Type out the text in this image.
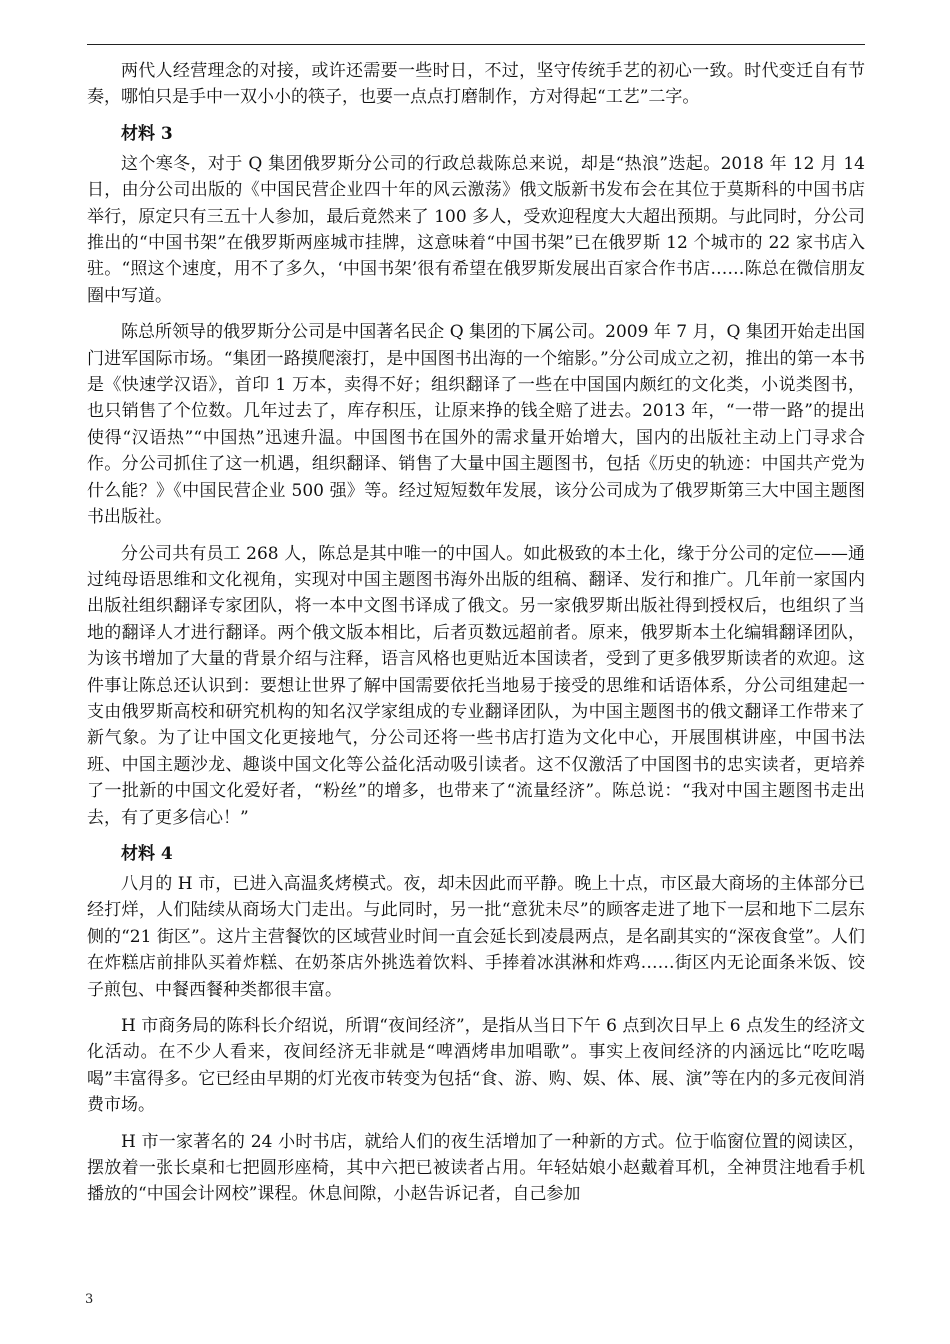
两代人经营理念的对接，或许还需要一些时日，不过，坚守传统手艺的初心一致。时代变迁自有节奏，哪怕只是手中一双小小的筷子，也要一点点打磨制作，方对得起“工艺”二字。

材料 3

这个寒冬，对于 Q 集团俄罗斯分公司的行政总裁陈总来说，却是“热浪”迭起。2018 年 12 月 14 日，由分公司出版的《中国民营企业四十年的风云激荡》俄文版新书发布会在其位于莫斯科的中国书店举行，原定只有三五十人参加，最后竟然来了 100 多人，受欢迎程度大大超出预期。与此同时，分公司推出的“中国书架”在俄罗斯两座城市挂牌，这意味着“中国书架”已在俄罗斯 12 个城市的 22 家书店入驻。“照这个速度，用不了多久，‘中国书架’很有希望在俄罗斯发展出百家合作书店……陈总在微信朋友圈中写道。

陈总所领导的俄罗斯分公司是中国著名民企 Q 集团的下属公司。2009 年 7 月，Q 集团开始走出国门进军国际市场。“集团一路摸爬滚打，是中国图书出海的一个缩影。”分公司成立之初，推出的第一本书是《快速学汉语》，首印 1 万本，卖得不好；组织翻译了一些在中国国内颇红的文化类，小说类图书，也只销售了个位数。几年过去了，库存积压，让原来挣的钱全赔了进去。2013 年，“一带一路”的提出使得“汉语热”“中国热”迅速升温。中国图书在国外的需求量开始增大，国内的出版社主动上门寻求合作。分公司抓住了这一机遇，组织翻译、销售了大量中国主题图书，包括《历史的轨迹：中国共产党为什么能？》《中国民营企业 500 强》等。经过短短数年发展，该分公司成为了俄罗斯第三大中国主题图书出版社。

分公司共有员工 268 人，陈总是其中唯一的中国人。如此极致的本土化，缘于分公司的定位——通过纯母语思维和文化视角，实现对中国主题图书海外出版的组稿、翻译、发行和推广。几年前一家国内出版社组织翻译专家团队，将一本中文图书译成了俄文。另一家俄罗斯出版社得到授权后，也组织了当地的翻译人才进行翻译。两个俄文版本相比，后者页数远超前者。原来，俄罗斯本土化编辑翻译团队，为该书增加了大量的背景介绍与注释，语言风格也更贴近本国读者，受到了更多俄罗斯读者的欢迎。这件事让陈总还认识到：要想让世界了解中国需要依托当地易于接受的思维和话语体系，分公司组建起一支由俄罗斯高校和研究机构的知名汉学家组成的专业翻译团队，为中国主题图书的俄文翻译工作带来了新气象。为了让中国文化更接地气，分公司还将一些书店打造为文化中心，开展围棋讲座，中国书法班、中国主题沙龙、趣谈中国文化等公益化活动吸引读者。这不仅激活了中国图书的忠实读者，更培养了一批新的中国文化爱好者，“粉丝”的增多，也带来了“流量经济”。陈总说：“我对中国主题图书走出去，有了更多信心！”

材料 4

八月的 H 市，已进入高温炙烤模式。夜，却未因此而平静。晚上十点，市区最大商场的主体部分已经打烊，人们陆续从商场大门走出。与此同时，另一批“意犹未尽”的顾客走进了地下一层和地下二层东侧的“21 街区”。这片主营餐饮的区域营业时间一直会延长到凌晨两点，是名副其实的“深夜食堂”。人们在炸糕店前排队买着炸糕、在奶茶店外挑选着饮料、手捧着冰淇淋和炸鸡……街区内无论面条米饭、饺子煎包、中餐西餐种类都很丰富。

H 市商务局的陈科长介绍说，所谓“夜间经济”，是指从当日下午 6 点到次日早上 6 点发生的经济文化活动。在不少人看来，夜间经济无非就是“啤酒烤串加唱歌”。事实上夜间经济的内涵远比“吃吃喝喝”丰富得多。它已经由早期的灯光夜市转变为包括“食、游、购、娱、体、展、演”等在内的多元夜间消费市场。

H 市一家著名的 24 小时书店，就给人们的夜生活增加了一种新的方式。位于临窗位置的阅读区，摆放着一张长桌和七把圆形座椅，其中六把已被读者占用。年轻姑娘小赵戴着耳机，全神贯注地看手机播放的“中国会计网校”课程。休息间隙，小赵告诉记者，自己参加

3
